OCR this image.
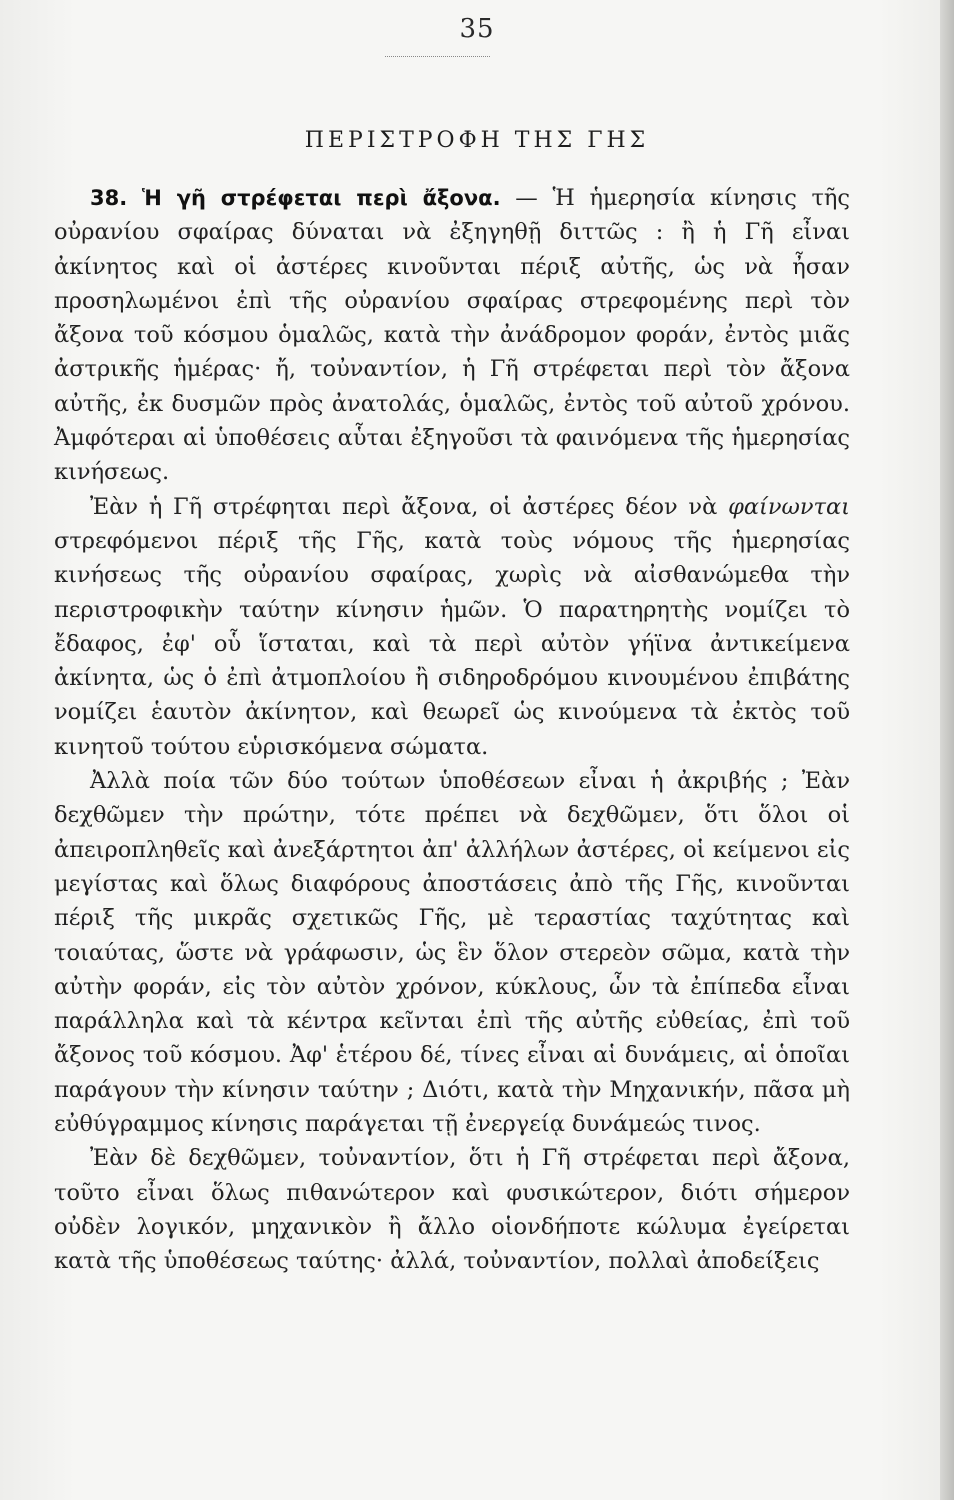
35
ΠΕΡΙΣΤΡΟΦΗ ΤΗΣ ΓΗΣ

38. Ἡ γῆ στρέφεται περὶ ἄξονα. — Ἡ ἡμερησία κίνησις τῆς οὐρανίου σφαίρας δύναται νὰ ἐξηγηθῇ διττῶς : ἢ ἡ Γῆ εἶναι ἀκίνητος καὶ οἱ ἀστέρες κινοῦνται πέριξ αὐτῆς, ὡς νὰ ἦσαν προσηλωμένοι ἐπὶ τῆς οὐρανίου σφαίρας στρεφομένης περὶ τὸν ἄξονα τοῦ κόσμου ὁμαλῶς, κατὰ τὴν ἀνάδρομον φοράν, ἐντὸς μιᾶς ἀστρικῆς ἡμέρας· ἤ, τοὐναντίον, ἡ Γῆ στρέφεται περὶ τὸν ἄξονα αὐτῆς, ἐκ δυσμῶν πρὸς ἀνατολάς, ὁμαλῶς, ἐντὸς τοῦ αὐτοῦ χρόνου. Ἀμφότεραι αἱ ὑποθέσεις αὗται ἐξηγοῦσι τὰ φαινόμενα τῆς ἡμερησίας κινήσεως.

Ἐὰν ἡ Γῆ στρέφηται περὶ ἄξονα, οἱ ἀστέρες δέον νὰ φαίνωνται στρεφόμενοι πέριξ τῆς Γῆς, κατὰ τοὺς νόμους τῆς ἡμερησίας κινήσεως τῆς οὐρανίου σφαίρας, χωρὶς νὰ αἰσθανώμεθα τὴν περιστροφικὴν ταύτην κίνησιν ἡμῶν. Ὁ παρατηρητὴς νομίζει τὸ ἔδαφος, ἐφ' οὗ ἵσταται, καὶ τὰ περὶ αὐτὸν γήϊνα ἀντικείμενα ἀκίνητα, ὡς ὁ ἐπὶ ἀτμοπλοίου ἢ σιδηροδρόμου κινουμένου ἐπιβάτης νομίζει ἑαυτὸν ἀκίνητον, καὶ θεωρεῖ ὡς κινούμενα τὰ ἐκτὸς τοῦ κινητοῦ τούτου εὑρισκόμενα σώματα.

Ἀλλὰ ποία τῶν δύο τούτων ὑποθέσεων εἶναι ἡ ἀκριβής ; Ἐὰν δεχθῶμεν τὴν πρώτην, τότε πρέπει νὰ δεχθῶμεν, ὅτι ὅλοι οἱ ἀπειροπληθεῖς καὶ ἀνεξάρτητοι ἀπ' ἀλλήλων ἀστέρες, οἱ κείμενοι εἰς μεγίστας καὶ ὅλως διαφόρους ἀποστάσεις ἀπὸ τῆς Γῆς, κινοῦνται πέριξ τῆς μικρᾶς σχετικῶς Γῆς, μὲ τεραστίας ταχύτητας καὶ τοιαύτας, ὥστε νὰ γράφωσιν, ὡς ἓν ὅλον στερεὸν σῶμα, κατὰ τὴν αὐτὴν φοράν, εἰς τὸν αὐτὸν χρόνον, κύκλους, ὧν τὰ ἐπίπεδα εἶναι παράλληλα καὶ τὰ κέντρα κεῖνται ἐπὶ τῆς αὐτῆς εὐθείας, ἐπὶ τοῦ ἄξονος τοῦ κόσμου. Ἀφ' ἑτέρου δέ, τίνες εἶναι αἱ δυνάμεις, αἱ ὁποῖαι παράγουν τὴν κίνησιν ταύτην ; Διότι, κατὰ τὴν Μηχανικήν, πᾶσα μὴ εὐθύγραμμος κίνησις παράγεται τῇ ἐνεργείᾳ δυνάμεώς τινος.

Ἐὰν δὲ δεχθῶμεν, τοὐναντίον, ὅτι ἡ Γῆ στρέφεται περὶ ἄξονα, τοῦτο εἶναι ὅλως πιθανώτερον καὶ φυσικώτερον, διότι σήμερον οὐδὲν λογικόν, μηχανικὸν ἢ ἄλλο οἱονδήποτε κώλυμα ἐγείρεται κατὰ τῆς ὑποθέσεως ταύτης· ἀλλά, τοὐναντίον, πολλαὶ ἀποδείξεις
